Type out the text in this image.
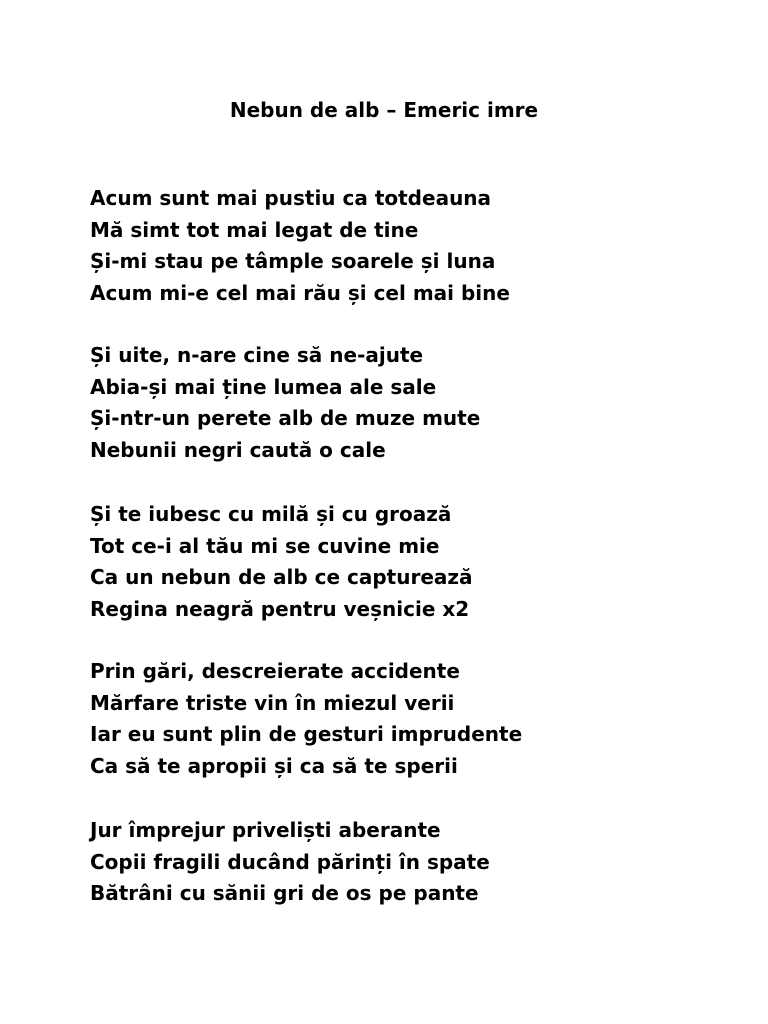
Nebun de alb – Emeric imre
Acum sunt mai pustiu ca totdeauna
Mă simt tot mai legat de tine
Și-mi stau pe tâmple soarele și luna
Acum mi-e cel mai rău și cel mai bine
Și uite, n-are cine să ne-ajute
Abia-și mai ține lumea ale sale
Și-ntr-un perete alb de muze mute
Nebunii negri caută o cale
Și te iubesc cu milă și cu groază
Tot ce-i al tău mi se cuvine mie
Ca un nebun de alb ce capturează
Regina neagră pentru veșnicie x2
Prin gări, descreierate accidente
Mărfare triste vin în miezul verii
Iar eu sunt plin de gesturi imprudente
Ca să te apropii și ca să te sperii
Jur împrejur priveliști aberante
Copii fragili ducând părinți în spate
Bătrâni cu sănii gri de os pe pante
